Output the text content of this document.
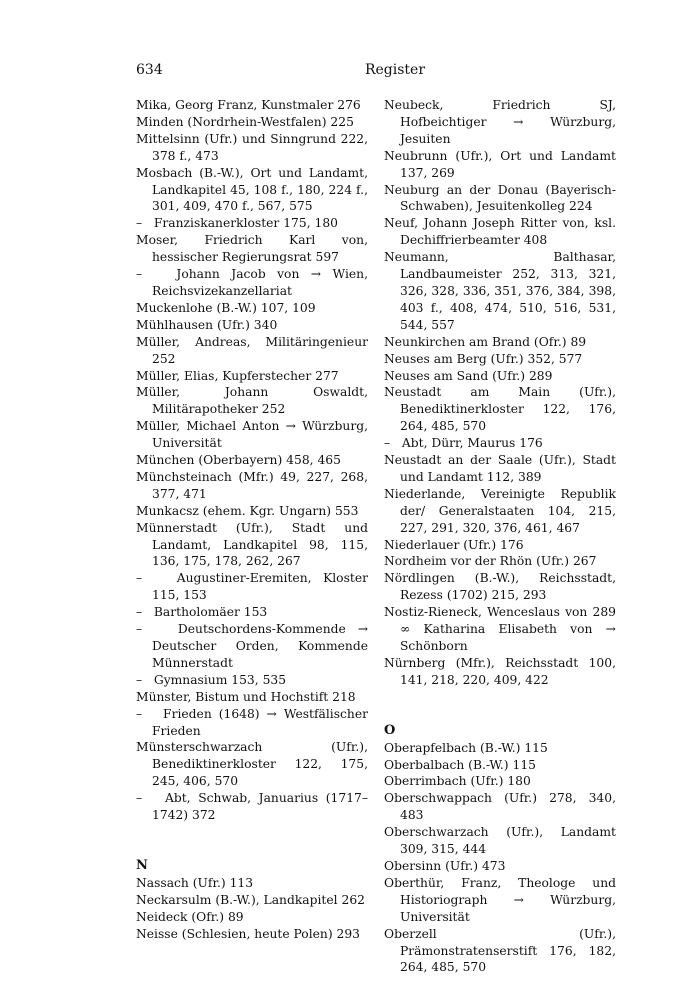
634	Register
Mika, Georg Franz, Kunstmaler 276
Minden (Nordrhein-Westfalen) 225
Mittelsinn (Ufr.) und Sinngrund 222, 378 f., 473
Mosbach (B.-W.), Ort und Landamt, Landkapitel 45, 108 f., 180, 224 f., 301, 409, 470 f., 567, 575
–   Franziskanerkloster 175, 180
Moser, Friedrich Karl von, hessischer Regierungsrat 597
–   Johann Jacob von → Wien, Reichsvizekanzellariat
Muckenlohe (B.-W.) 107, 109
Mühlhausen (Ufr.) 340
Müller, Andreas, Militäringenieur 252
Müller, Elias, Kupferstecher 277
Müller, Johann Oswaldt, Militärapotheker 252
Müller, Michael Anton → Würzburg, Universität
München (Oberbayern) 458, 465
Münchsteinach (Mfr.) 49, 227, 268, 377, 471
Munkacsz (ehem. Kgr. Ungarn) 553
Münnerstadt (Ufr.), Stadt und Landamt, Landkapitel 98, 115, 136, 175, 178, 262, 267
–   Augustiner-Eremiten, Kloster 115, 153
–   Bartholomäer 153
–   Deutschordens-Kommende → Deutscher Orden, Kommende Münnerstadt
–   Gymnasium 153, 535
Münster, Bistum und Hochstift 218
–   Frieden (1648) → Westfälischer Frieden
Münsterschwarzach (Ufr.), Benediktinerkloster 122, 175, 245, 406, 570
–   Abt, Schwab, Januarius (1717–1742) 372
N
Nassach (Ufr.) 113
Neckarsulm (B.-W.), Landkapitel 262
Neideck (Ofr.) 89
Neisse (Schlesien, heute Polen) 293
Neubeck, Friedrich SJ, Hofbeichtiger → Würzburg, Jesuiten
Neubrunn (Ufr.), Ort und Landamt 137, 269
Neuburg an der Donau (Bayerisch-Schwaben), Jesuitenkolleg 224
Neuf, Johann Joseph Ritter von, ksl. Dechiffrierbeamter 408
Neumann, Balthasar, Landbaumeister 252, 313, 321, 326, 328, 336, 351, 376, 384, 398, 403 f., 408, 474, 510, 516, 531, 544, 557
Neunkirchen am Brand (Ofr.) 89
Neuses am Berg (Ufr.) 352, 577
Neuses am Sand (Ufr.) 289
Neustadt am Main (Ufr.), Benediktinerkloster 122, 176, 264, 485, 570
–   Abt, Dürr, Maurus 176
Neustadt an der Saale (Ufr.), Stadt und Landamt 112, 389
Niederlande, Vereinigte Republik der/ Generalstaaten 104, 215, 227, 291, 320, 376, 461, 467
Niederlauer (Ufr.) 176
Nordheim vor der Rhön (Ufr.) 267
Nördlingen (B.-W.), Reichsstadt, Rezess (1702) 215, 293
Nostiz-Rieneck, Wenceslaus von 289 ∞ Katharina Elisabeth von → Schönborn
Nürnberg (Mfr.), Reichsstadt 100, 141, 218, 220, 409, 422
O
Oberapfelbach (B.-W.) 115
Oberbalbach (B.-W.) 115
Oberrimbach (Ufr.) 180
Oberschwappach (Ufr.) 278, 340, 483
Oberschwarzach (Ufr.), Landamt 309, 315, 444
Obersinn (Ufr.) 473
Oberthür, Franz, Theologe und Historiograph → Würzburg, Universität
Oberzell (Ufr.), Prämonstratenserstift 176, 182, 264, 485, 570
